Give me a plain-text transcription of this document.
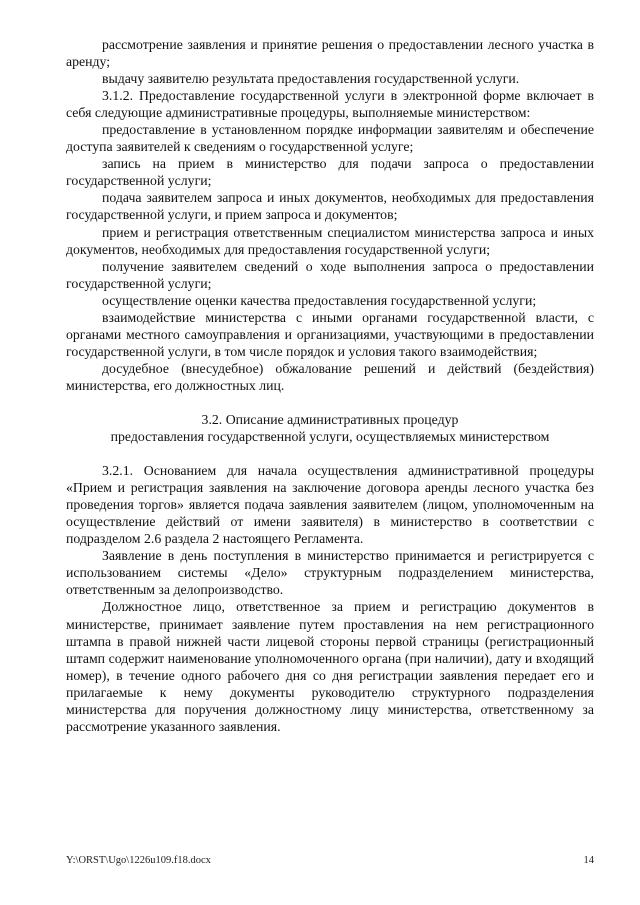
рассмотрение заявления и принятие решения о предоставлении лесного участка в аренду;

выдачу заявителю результата предоставления государственной услуги.

3.1.2. Предоставление государственной услуги в электронной форме включает в себя следующие административные процедуры, выполняемые министерством:

предоставление в установленном порядке информации заявителям и обеспечение доступа заявителей к сведениям о государственной услуге;

запись на прием в министерство для подачи запроса о предоставлении государственной услуги;

подача заявителем запроса и иных документов, необходимых для предоставления государственной услуги, и прием запроса и документов;

прием и регистрация ответственным специалистом министерства запроса и иных документов, необходимых для предоставления государственной услуги;

получение заявителем сведений о ходе выполнения запроса о предоставлении государственной услуги;

осуществление оценки качества предоставления государственной услуги;

взаимодействие министерства с иными органами государственной власти, с органами местного самоуправления и организациями, участвующими в предоставлении государственной услуги, в том числе порядок и условия такого взаимодействия;

досудебное (внесудебное) обжалование решений и действий (бездействия) министерства, его должностных лиц.

3.2. Описание административных процедур
предоставления государственной услуги, осуществляемых министерством

3.2.1. Основанием для начала осуществления административной процедуры «Прием и регистрация заявления на заключение договора аренды лесного участка без проведения торгов» является подача заявления заявителем (лицом, уполномоченным на осуществление действий от имени заявителя) в министерство в соответствии с подразделом 2.6 раздела 2 настоящего Регламента.

Заявление в день поступления в министерство принимается и регистрируется с использованием системы «Дело» структурным подразделением министерства, ответственным за делопроизводство.

Должностное лицо, ответственное за прием и регистрацию документов в министерстве, принимает заявление путем проставления на нем регистрационного штампа в правой нижней части лицевой стороны первой страницы (регистрационный штамп содержит наименование уполномоченного органа (при наличии), дату и входящий номер), в течение одного рабочего дня со дня регистрации заявления передает его и прилагаемые к нему документы руководителю структурного подразделения министерства для поручения должностному лицу министерства, ответственному за рассмотрение указанного заявления.

Y:\ORST\Ugo\1226u109.f18.docx	14
